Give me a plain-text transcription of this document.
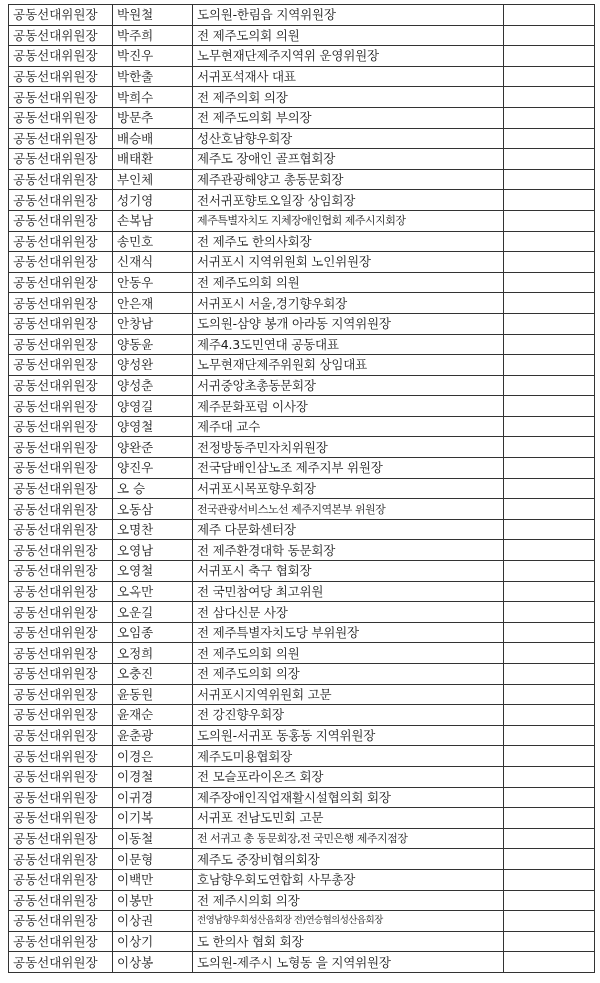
공동선대위원장	박원철	도의원-한림읍 지역위원장	
공동선대위원장	박주희	전 제주도의회 의원	
공동선대위원장	박진우	노무현재단제주지역위 운영위원장	
공동선대위원장	박한출	서귀포석재사 대표	
공동선대위원장	박희수	전 제주의회 의장	
공동선대위원장	방문추	전 제주도의회 부의장	
공동선대위원장	배승배	성산호남향우회장	
공동선대위원장	배태환	제주도 장애인 골프협회장	
공동선대위원장	부인체	제주관광해양고 총동문회장	
공동선대위원장	성기영	전서귀포향토오일장 상임회장	
공동선대위원장	손복남	제주특별자치도 지체장애인협회 제주시지회장	
공동선대위원장	송민호	전 제주도 한의사회장	
공동선대위원장	신재식	서귀포시 지역위원회 노인위원장	
공동선대위원장	안동우	전 제주도의회 의원	
공동선대위원장	안은재	서귀포시 서울,경기향우회장	
공동선대위원장	안창남	도의원-삼양 봉개 아라동 지역위원장	
공동선대위원장	양동윤	제주4.3도민연대 공동대표	
공동선대위원장	양성완	노무현재단제주위원회 상임대표	
공동선대위원장	양성춘	서귀중앙초총동문회장	
공동선대위원장	양영길	제주문화포럼 이사장	
공동선대위원장	양영철	제주대 교수	
공동선대위원장	양완준	전정방동주민자치위원장	
공동선대위원장	양진우	전국담배인삼노조 제주지부 위원장	
공동선대위원장	오 승	서귀포시목포향우회장	
공동선대위원장	오동삼	전국관광서비스노선 제주지역본부 위원장	
공동선대위원장	오명찬	제주 다문화센터장	
공동선대위원장	오영남	전 제주환경대학 동문회장	
공동선대위원장	오영철	서귀포시 축구 협회장	
공동선대위원장	오옥만	전 국민참여당 최고위원	
공동선대위원장	오운길	전 삼다신문 사장	
공동선대위원장	오임종	전 제주특별자치도당 부위원장	
공동선대위원장	오정희	전 제주도의회 의원	
공동선대위원장	오충진	전 제주도의회 의장	
공동선대위원장	윤동원	서귀포시지역위원회 고문	
공동선대위원장	윤재순	전 강진향우회장	
공동선대위원장	윤춘광	도의원-서귀포 동홍동 지역위원장	
공동선대위원장	이경은	제주도미용협회장	
공동선대위원장	이경철	전 모슬포라이온즈 회장	
공동선대위원장	이귀경	제주장애인직업재활시설협의회 회장	
공동선대위원장	이기복	서귀포 전남도민회 고문	
공동선대위원장	이동철	전 서귀고 총 동문회장,전 국민은행 제주지점장	
공동선대위원장	이문형	제주도 중장비협의회장	
공동선대위원장	이백만	호남향우회도연합회 사무총장	
공동선대위원장	이봉만	전 제주시의회 의장	
공동선대위원장	이상권	전영남향우회성산읍회장 전)연승협의성산읍회장	
공동선대위원장	이상기	도 한의사 협회 회장	
공동선대위원장	이상봉	도의원-제주시 노형동 을 지역위원장	
